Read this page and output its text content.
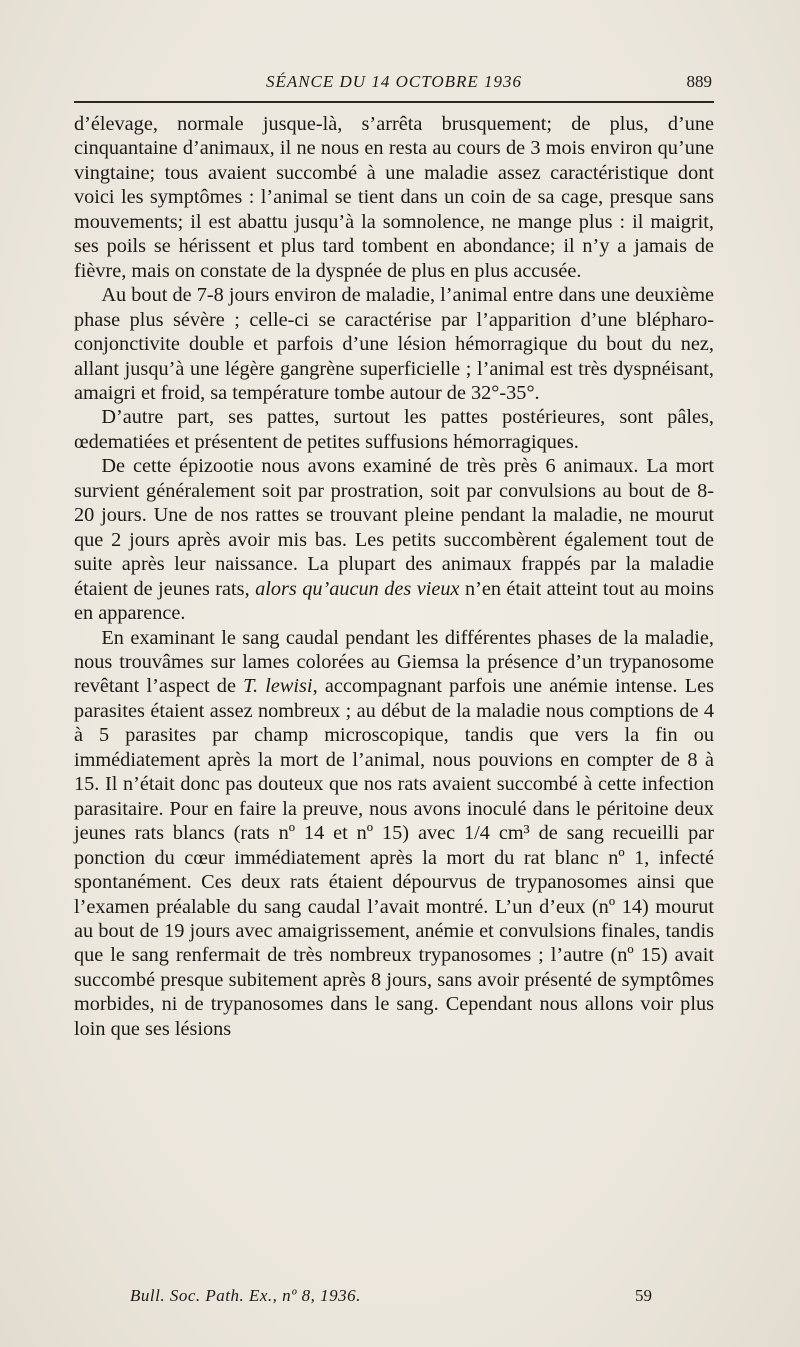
SÉANCE DU 14 OCTOBRE 1936	889

d’élevage, normale jusque-là, s’arrêta brusquement; de plus, d’une cinquantaine d’animaux, il ne nous en resta au cours de 3 mois environ qu’une vingtaine; tous avaient succombé à une maladie assez caractéristique dont voici les symptômes : l’animal se tient dans un coin de sa cage, presque sans mouvements; il est abattu jusqu’à la somnolence, ne mange plus : il maigrit, ses poils se hérissent et plus tard tombent en abondance; il n’y a jamais de fièvre, mais on constate de la dyspnée de plus en plus accusée.

Au bout de 7-8 jours environ de maladie, l’animal entre dans une deuxième phase plus sévère ; celle-ci se caractérise par l’apparition d’une blépharo-conjonctivite double et parfois d’une lésion hémorragique du bout du nez, allant jusqu’à une légère gangrène superficielle ; l’animal est très dyspnéisant, amaigri et froid, sa température tombe autour de 32°-35°.

D’autre part, ses pattes, surtout les pattes postérieures, sont pâles, œdematiées et présentent de petites suffusions hémorragiques.

De cette épizootie nous avons examiné de très près 6 animaux. La mort survient généralement soit par prostration, soit par convulsions au bout de 8-20 jours. Une de nos rattes se trouvant pleine pendant la maladie, ne mourut que 2 jours après avoir mis bas. Les petits succombèrent également tout de suite après leur naissance. La plupart des animaux frappés par la maladie étaient de jeunes rats, alors qu’aucun des vieux n’en était atteint tout au moins en apparence.

En examinant le sang caudal pendant les différentes phases de la maladie, nous trouvâmes sur lames colorées au Giemsa la présence d’un trypanosome revêtant l’aspect de T. lewisi, accompagnant parfois une anémie intense. Les parasites étaient assez nombreux ; au début de la maladie nous comptions de 4 à 5 parasites par champ microscopique, tandis que vers la fin ou immédiatement après la mort de l’animal, nous pouvions en compter de 8 à 15. Il n’était donc pas douteux que nos rats avaient succombé à cette infection parasitaire. Pour en faire la preuve, nous avons inoculé dans le péritoine deux jeunes rats blancs (rats nº 14 et nº 15) avec 1/4 cm³ de sang recueilli par ponction du cœur immédiatement après la mort du rat blanc nº 1, infecté spontanément. Ces deux rats étaient dépourvus de trypanosomes ainsi que l’examen préalable du sang caudal l’avait montré. L’un d’eux (nº 14) mourut au bout de 19 jours avec amaigrissement, anémie et convulsions finales, tandis que le sang renfermait de très nombreux trypanosomes ; l’autre (nº 15) avait succombé presque subitement après 8 jours, sans avoir présenté de symptômes morbides, ni de trypanosomes dans le sang. Cependant nous allons voir plus loin que ses lésions

Bull. Soc. Path. Ex., nº 8, 1936.	59
